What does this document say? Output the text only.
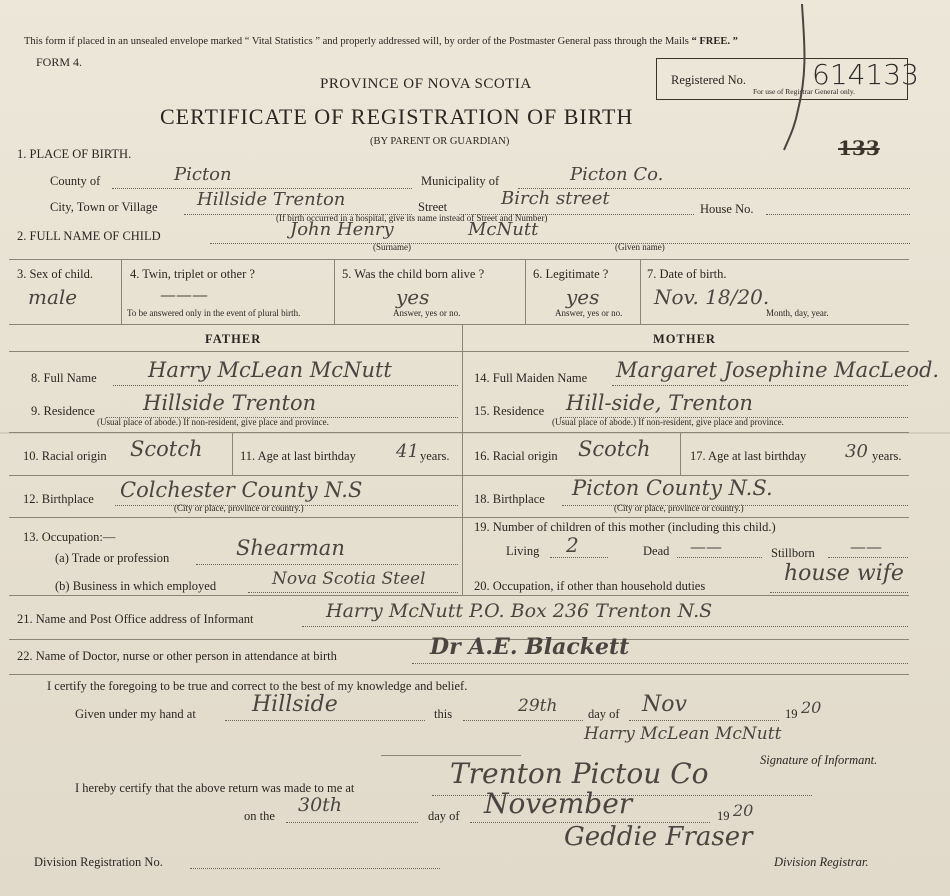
This form if placed in an unsealed envelope marked “ Vital Statistics ” and properly addressed will, by order of the Postmaster General pass through the Mails “ FREE. ”
FORM 4.
PROVINCE OF NOVA SCOTIA
CERTIFICATE OF REGISTRATION OF BIRTH
(BY PARENT OR GUARDIAN)
Registered No. 614133
For use of Registrar General only.
133
1. PLACE OF BIRTH.
County of	Picton	Municipality of	Picton Co.
City, Town or Village Hillside Trenton	Street	Birch street	House No.
(If birth occurred in a hospital, give its name instead of Street and Number)
2. FULL NAME OF CHILD	John Henry	McNutt
(Surname)	(Given name)
3. Sex of child.
male
4. Twin, triplet or other ?
———
To be answered only in the event of plural birth.
5. Was the child born alive ?
yes
Answer, yes or no.
6. Legitimate ?
yes
Answer, yes or no.
7. Date of birth.
Nov. 18/20.
Month, day, year.
FATHER	MOTHER
8. Full Name Harry McLean McNutt
9. Residence Hillside Trenton
(Usual place of abode.) If non-resident, give place and province.
10. Racial origin Scotch	11. Age at last birthday 41 years.
12. Birthplace Colchester County N.S
(City or place, province or country.)
13. Occupation:—
(a) Trade or profession	Shearman
(b) Business in which employed	Nova Scotia Steel
14. Full Maiden Name Margaret Josephine MacLeod.
15. Residence Hill-side, Trenton
(Usual place of abode.) If non-resident, give place and province.
16. Racial origin Scotch	17. Age at last birthday 30 years.
18. Birthplace Picton County N.S.
(City or place, province or country.)
19. Number of children of this mother (including this child.)
Living 2	Dead ——	Stillborn ——
20. Occupation, if other than household duties	house wife
21. Name and Post Office address of Informant	Harry McNutt P.O. Box 236 Trenton N.S
22. Name of Doctor, nurse or other person in attendance at birth	Dr A.E. Blackett
I certify the foregoing to be true and correct to the best of my knowledge and belief.
Given under my hand at	Hillside	this	29th day of Nov	19 20
Harry McLean McNutt
Signature of Informant.
I hereby certify that the above return was made to me at	Trenton Pictou Co
on the 30th	day of November	19 20
Division Registration No.
Geddie Fraser
Division Registrar.
